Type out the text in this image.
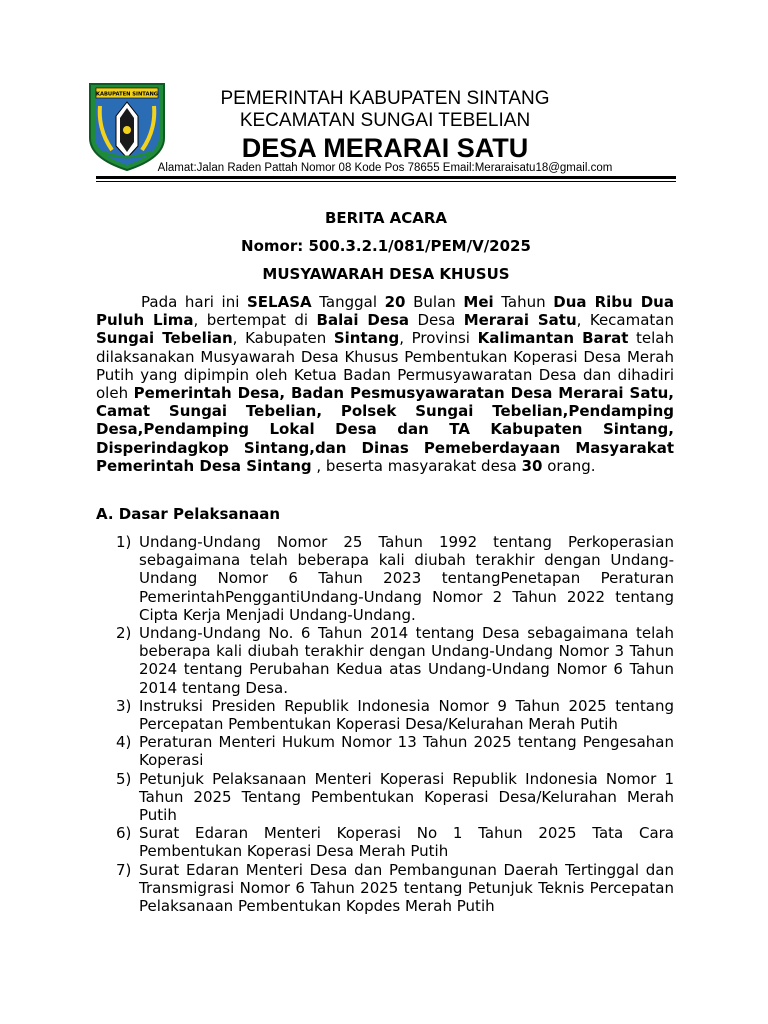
KABUPATEN SINTANG	PEMERINTAH KABUPATEN SINTANG
KECAMATAN SUNGAI TEBELIAN
DESA MERARAI SATU
Alamat:Jalan Raden Pattah Nomor 08 Kode Pos 78655 Email:Meraraisatu18@gmail.com
BERITA ACARA
Nomor: 500.3.2.1/081/PEM/V/2025
MUSYAWARAH DESA KHUSUS
Pada hari ini SELASA Tanggal 20 Bulan Mei Tahun Dua Ribu Dua Puluh Lima, bertempat di Balai Desa Desa Merarai Satu, Kecamatan Sungai Tebelian, Kabupaten Sintang, Provinsi Kalimantan Barat telah dilaksanakan Musyawarah Desa Khusus Pembentukan Koperasi Desa Merah Putih yang dipimpin oleh Ketua Badan Permusyawaratan Desa dan dihadiri oleh Pemerintah Desa, Badan Pesmusyawaratan Desa Merarai Satu, Camat Sungai Tebelian, Polsek Sungai Tebelian,Pendamping Desa,Pendamping Lokal Desa dan TA Kabupaten Sintang, Disperindagkop Sintang,dan Dinas Pemeberdayaan Masyarakat Pemerintah Desa Sintang , beserta masyarakat desa 30 orang.
A. Dasar Pelaksanaan
1) Undang-Undang Nomor 25 Tahun 1992 tentang Perkoperasian sebagaimana telah beberapa kali diubah terakhir dengan Undang-Undang Nomor 6 Tahun 2023 tentangPenetapan Peraturan PemerintahPenggantiUndang-Undang Nomor 2 Tahun 2022 tentang Cipta Kerja Menjadi Undang-Undang.
2) Undang-Undang No. 6 Tahun 2014 tentang Desa sebagaimana telah beberapa kali diubah terakhir dengan Undang-Undang Nomor 3 Tahun 2024 tentang Perubahan Kedua atas Undang-Undang Nomor 6 Tahun 2014 tentang Desa.
3) Instruksi Presiden Republik Indonesia Nomor 9 Tahun 2025 tentang Percepatan Pembentukan Koperasi Desa/Kelurahan Merah Putih
4) Peraturan Menteri Hukum Nomor 13 Tahun 2025 tentang Pengesahan Koperasi
5) Petunjuk Pelaksanaan Menteri Koperasi Republik Indonesia Nomor 1 Tahun 2025 Tentang Pembentukan Koperasi Desa/Kelurahan Merah Putih
6) Surat Edaran Menteri Koperasi No 1 Tahun 2025 Tata Cara Pembentukan Koperasi Desa Merah Putih
7) Surat Edaran Menteri Desa dan Pembangunan Daerah Tertinggal dan Transmigrasi Nomor 6 Tahun 2025 tentang Petunjuk Teknis Percepatan Pelaksanaan Pembentukan Kopdes Merah Putih
